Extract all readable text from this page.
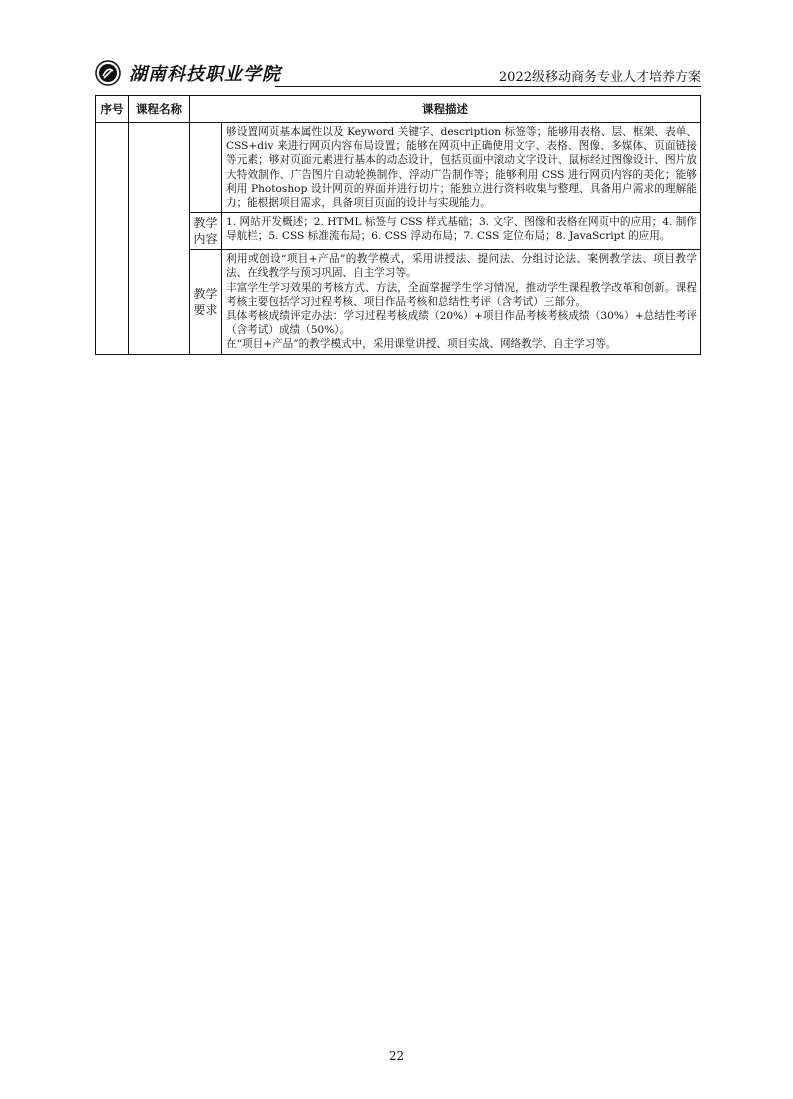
湖南科技职业学院	2022级移动商务专业人才培养方案
序号	课程名称	课程描述	
			够设置网页基本属性以及 Keyword 关键字、description 标签等；能够用表格、层、框架、表单、CSS+div 来进行网页内容布局设置；能够在网页中正确使用文字、表格、图像、多媒体、页面链接等元素；够对页面元素进行基本的动态设计，包括页面中滚动文字设计、鼠标经过图像设计、图片放大特效制作、广告图片自动轮换制作、浮动广告制作等；能够利用 CSS 进行网页内容的美化；能够利用 Photoshop 设计网页的界面并进行切片；能独立进行资料收集与整理、具备用户需求的理解能力；能根据项目需求，具备项目页面的设计与实现能力。
		教学内容	1. 网站开发概述；2. HTML 标签与 CSS 样式基础；3. 文字、图像和表格在网页中的应用；4. 制作导航栏；5. CSS 标准流布局；6. CSS 浮动布局；7. CSS 定位布局；8. JavaScript 的应用。
		教学要求	利用或创设“项目+产品”的教学模式，采用讲授法、提问法、分组讨论法、案例教学法、项目教学法、在线教学与预习巩固、自主学习等。

丰富学生学习效果的考核方式、方法，全面掌握学生学习情况，推动学生课程教学改革和创新。课程考核主要包括学习过程考核、项目作品考核和总结性考评（含考试）三部分。

具体考核成绩评定办法：学习过程考核成绩（20%）+项目作品考核考核成绩（30%）+总结性考评（含考试）成绩（50%）。

在“项目+产品”的教学模式中，采用课堂讲授、项目实战、网络教学、自主学习等。

22
